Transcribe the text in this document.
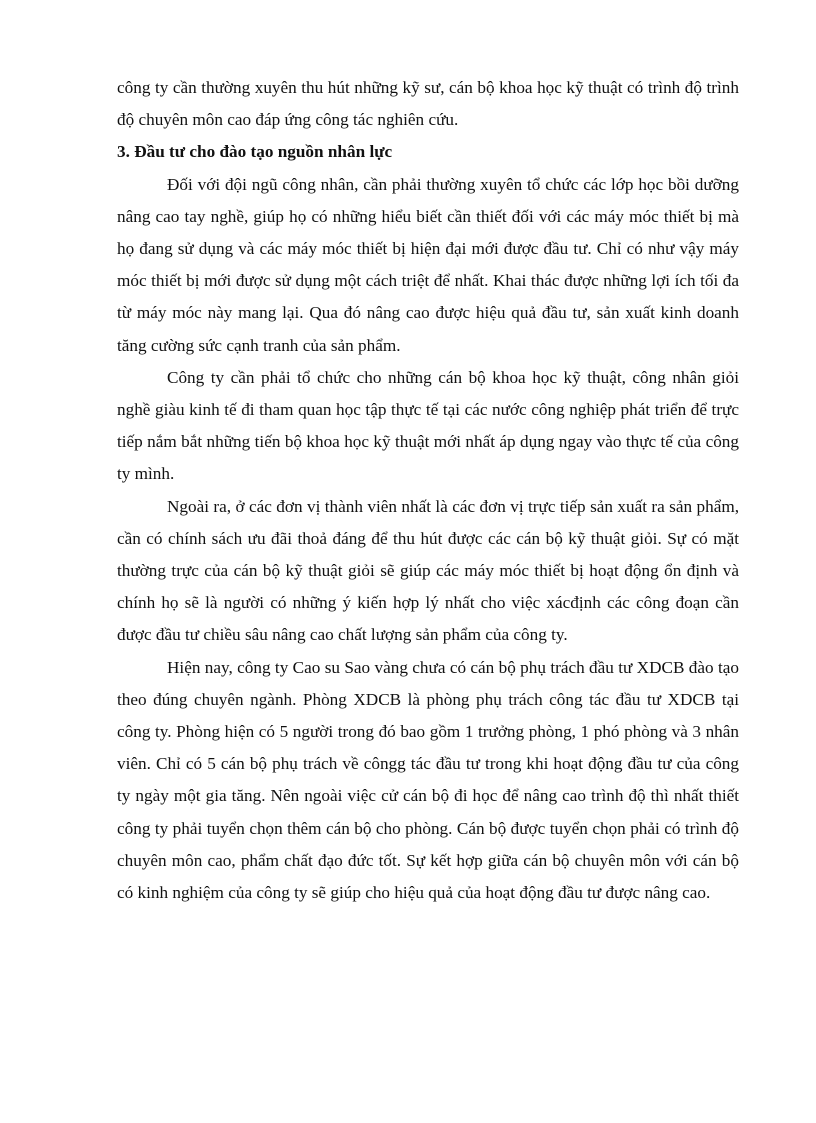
công ty cần thường xuyên thu hút những kỹ sư, cán bộ khoa học kỹ thuật có trình độ trình độ chuyên môn cao đáp ứng công tác nghiên cứu.

3. Đầu tư cho đào tạo nguồn nhân lực

Đối với đội ngũ công nhân, cần phải thường xuyên tổ chức các lớp học bồi dưỡng nâng cao tay nghề, giúp họ có những hiểu biết cần thiết đối với các máy móc thiết bị mà họ đang sử dụng và các máy móc thiết bị hiện đại mới được đầu tư. Chỉ có như vậy máy móc thiết bị mới được sử dụng một cách triệt để nhất. Khai thác được những lợi ích tối đa từ máy móc này mang lại. Qua đó nâng cao được hiệu quả đầu tư, sản xuất kinh doanh tăng cường sức cạnh tranh của sản phẩm.

Công ty cần phải tổ chức cho những cán bộ khoa học kỹ thuật, công nhân giỏi nghề giàu kinh tế đi tham quan học tập thực tế tại các nước công nghiệp phát triển để trực tiếp nắm bắt những tiến bộ khoa học kỹ thuật mới nhất áp dụng ngay vào thực tế của công ty mình.

Ngoài ra, ở các đơn vị thành viên nhất là các đơn vị trực tiếp sản xuất ra sản phẩm, cần có chính sách ưu đãi thoả đáng để thu hút được các cán bộ kỹ thuật giỏi. Sự có mặt thường trực của cán bộ kỹ thuật giỏi sẽ giúp các máy móc thiết bị hoạt động ổn định và chính họ sẽ là người có những ý kiến hợp lý nhất cho việc xácđịnh các công đoạn cần được đầu tư chiều sâu nâng cao chất lượng sản phẩm của công ty.

Hiện nay, công ty Cao su Sao vàng chưa có cán bộ phụ trách đầu tư XDCB đào tạo theo đúng chuyên ngành. Phòng XDCB là phòng phụ trách công tác đầu tư XDCB tại công ty. Phòng hiện có 5 người trong đó bao gồm 1 trưởng phòng, 1 phó phòng và 3 nhân viên. Chỉ có 5 cán bộ phụ trách về côngg tác đầu tư trong khi hoạt động đầu tư của công ty ngày một gia tăng. Nên ngoài việc cử cán bộ đi học để nâng cao trình độ thì nhất thiết công ty phải tuyển chọn thêm cán bộ cho phòng. Cán bộ được tuyển chọn phải có trình độ chuyên môn cao, phẩm chất đạo đức tốt. Sự kết hợp giữa cán bộ chuyên môn với cán bộ có kinh nghiệm của công ty sẽ giúp cho hiệu quả của hoạt động đầu tư được nâng cao.
